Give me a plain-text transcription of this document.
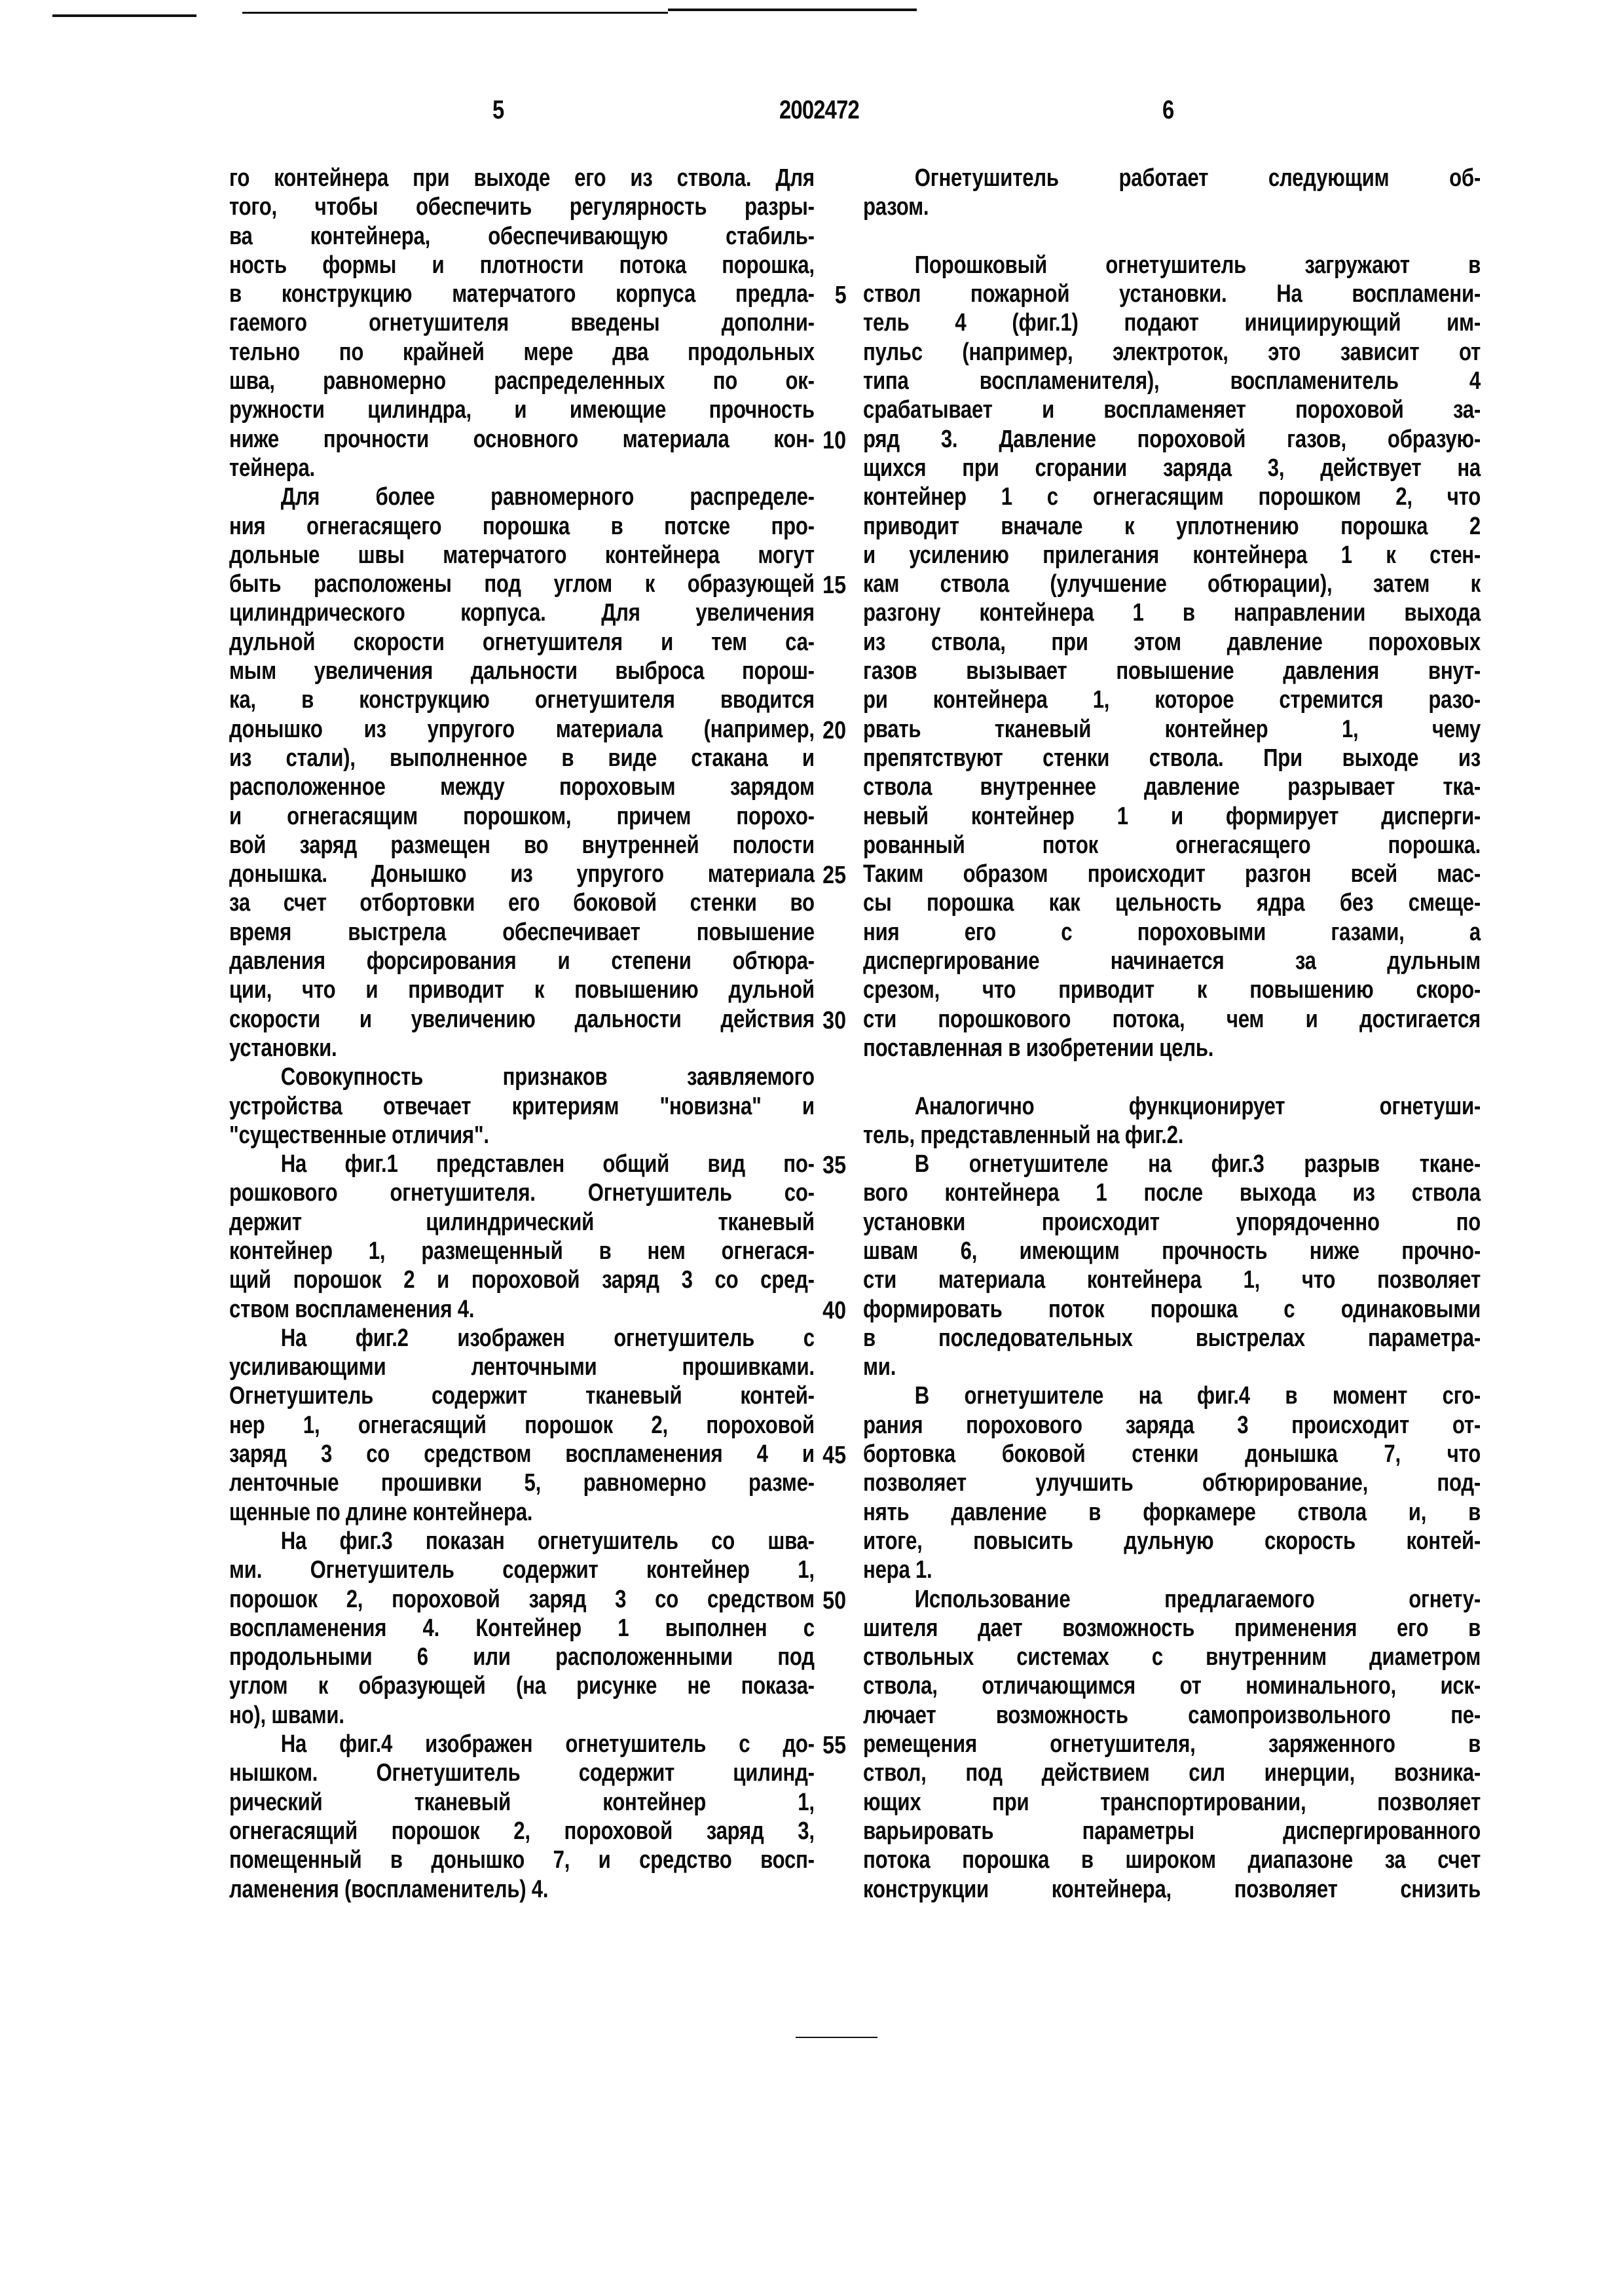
5	2002472	6
го контейнера при выходе его из ствола. Для
того, чтобы обеспечить регулярность разры-
ва контейнера, обеспечивающую стабиль-
ность формы и плотности потока порошка,
в конструкцию матерчатого корпуса предла-
гаемого огнетушителя введены дополни-
тельно по крайней мере два продольных
шва, равномерно распределенных по ок-
ружности цилиндра, и имеющие прочность
ниже прочности основного материала кон-
тейнера.
Для более равномерного распределе-
ния огнегасящего порошка в потске про-
дольные швы матерчатого контейнера могут
быть расположены под углом к образующей
цилиндрического корпуса. Для увеличения
дульной скорости огнетушителя и тем са-
мым увеличения дальности выброса порош-
ка, в конструкцию огнетушителя вводится
донышко из упругого материала (например,
из стали), выполненное в виде стакана и
расположенное между пороховым зарядом
и огнегасящим порошком, причем порохо-
вой заряд размещен во внутренней полости
донышка. Донышко из упругого материала
за счет отбортовки его боковой стенки во
время выстрела обеспечивает повышение
давления форсирования и степени обтюра-
ции, что и приводит к повышению дульной
скорости и увеличению дальности действия
установки.
Совокупность признаков заявляемого
устройства отвечает критериям "новизна" и
"существенные отличия".
На фиг.1 представлен общий вид по-
рошкового огнетушителя. Огнетушитель со-
держит цилиндрический тканевый
контейнер 1, размещенный в нем огнегася-
щий порошок 2 и пороховой заряд 3 со сред-
ством воспламенения 4.
На фиг.2 изображен огнетушитель с
усиливающими ленточными прошивками.
Огнетушитель содержит тканевый контей-
нер 1, огнегасящий порошок 2, пороховой
заряд 3 со средством воспламенения 4 и
ленточные прошивки 5, равномерно разме-
щенные по длине контейнера.
На фиг.3 показан огнетушитель со шва-
ми. Огнетушитель содержит контейнер 1,
порошок 2, пороховой заряд 3 со средством
воспламенения 4. Контейнер 1 выполнен с
продольными 6 или расположенными под
углом к образующей (на рисунке не показа-
но), швами.
На фиг.4 изображен огнетушитель с до-
нышком. Огнетушитель содержит цилинд-
рический тканевый контейнер 1,
огнегасящий порошок 2, пороховой заряд 3,
помещенный в донышко 7, и средство восп-
ламенения (воспламенитель) 4.
5
10
15
20
25
30
35
40
45
50
55
Огнетушитель работает следующим об-
разом.
Порошковый огнетушитель загружают в
ствол пожарной установки. На воспламени-
тель 4 (фиг.1) подают инициирующий им-
пульс (например, электроток, это зависит от
типа воспламенителя), воспламенитель 4
срабатывает и воспламеняет пороховой за-
ряд 3. Давление пороховой газов, образую-
щихся при сгорании заряда 3, действует на
контейнер 1 с огнегасящим порошком 2, что
приводит вначале к уплотнению порошка 2
и усилению прилегания контейнера 1 к стен-
кам ствола (улучшение обтюрации), затем к
разгону контейнера 1 в направлении выхода
из ствола, при этом давление пороховых
газов вызывает повышение давления внут-
ри контейнера 1, которое стремится разо-
рвать тканевый контейнер 1, чему
препятствуют стенки ствола. При выходе из
ствола внутреннее давление разрывает тка-
невый контейнер 1 и формирует дисперги-
рованный поток огнегасящего порошка.
Таким образом происходит разгон всей мас-
сы порошка как цельность ядра без смеще-
ния его с пороховыми газами, а
диспергирование начинается за дульным
срезом, что приводит к повышению скоро-
сти порошкового потока, чем и достигается
поставленная в изобретении цель.
Аналогично функционирует огнетуши-
тель, представленный на фиг.2.
В огнетушителе на фиг.3 разрыв ткане-
вого контейнера 1 после выхода из ствола
установки происходит упорядоченно по
швам 6, имеющим прочность ниже прочно-
сти материала контейнера 1, что позволяет
формировать поток порошка с одинаковыми
в последовательных выстрелах параметра-
ми.
В огнетушителе на фиг.4 в момент сго-
рания порохового заряда 3 происходит от-
бортовка боковой стенки донышка 7, что
позволяет улучшить обтюрирование, под-
нять давление в форкамере ствола и, в
итоге, повысить дульную скорость контей-
нера 1.
Использование предлагаемого огнету-
шителя дает возможность применения его в
ствольных системах с внутренним диаметром
ствола, отличающимся от номинального, иск-
лючает возможность самопроизвольного пе-
ремещения огнетушителя, заряженного в
ствол, под действием сил инерции, возника-
ющих при транспортировании, позволяет
варьировать параметры диспергированного
потока порошка в широком диапазоне за счет
конструкции контейнера, позволяет снизить
